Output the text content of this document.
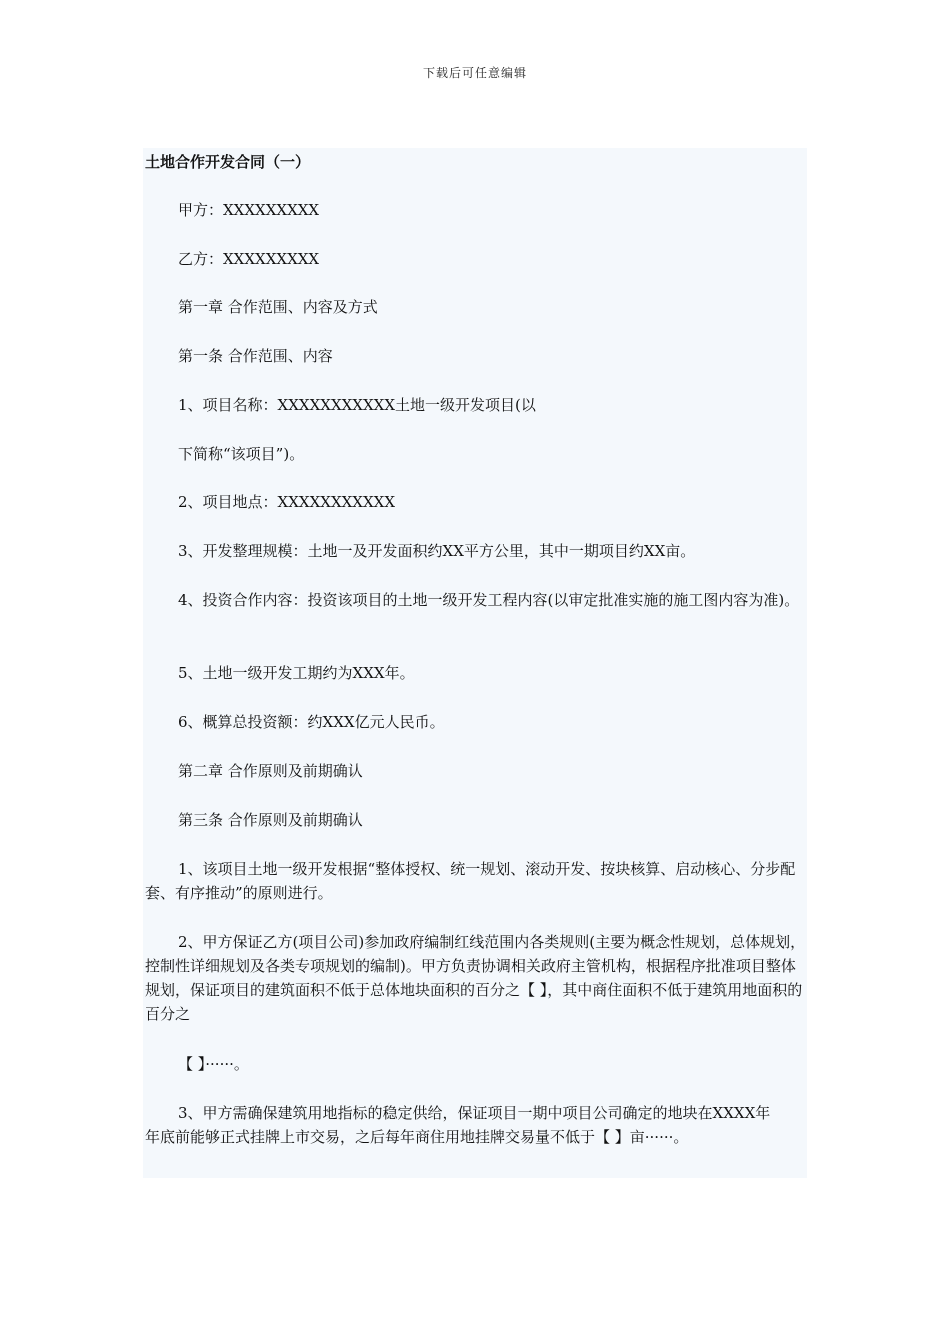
下载后可任意编辑
土地合作开发合同（一）

甲方：XXXXXXXXX

乙方：XXXXXXXXX

第一章 合作范围、内容及方式

第一条 合作范围、内容

1、项目名称：XXXXXXXXXXX土地一级开发项目(以

下简称“该项目”)。

2、项目地点：XXXXXXXXXXX

3、开发整理规模：土地一及开发面积约XX平方公里，其中一期项目约XX亩。

4、投资合作内容：投资该项目的土地一级开发工程内容(以审定批准实施的施工图内容为准)。

5、土地一级开发工期约为XXX年。

6、概算总投资额：约XXX亿元人民币。

第二章 合作原则及前期确认

第三条 合作原则及前期确认

1、该项目土地一级开发根据“整体授权、统一规划、滚动开发、按块核算、启动核心、分步配套、有序推动”的原则进行。

2、甲方保证乙方(项目公司)参加政府编制红线范围内各类规则(主要为概念性规划，总体规划，控制性详细规划及各类专项规划的编制)。甲方负责协调相关政府主管机构，根据程序批准项目整体规划，保证项目的建筑面积不低于总体地块面积的百分之【 】，其中商住面积不低于建筑用地面积的百分之

【 】······。

3、甲方需确保建筑用地指标的稳定供给，保证项目一期中项目公司确定的地块在XXXX年年底前能够正式挂牌上市交易，之后每年商住用地挂牌交易量不低于【 】亩······。
